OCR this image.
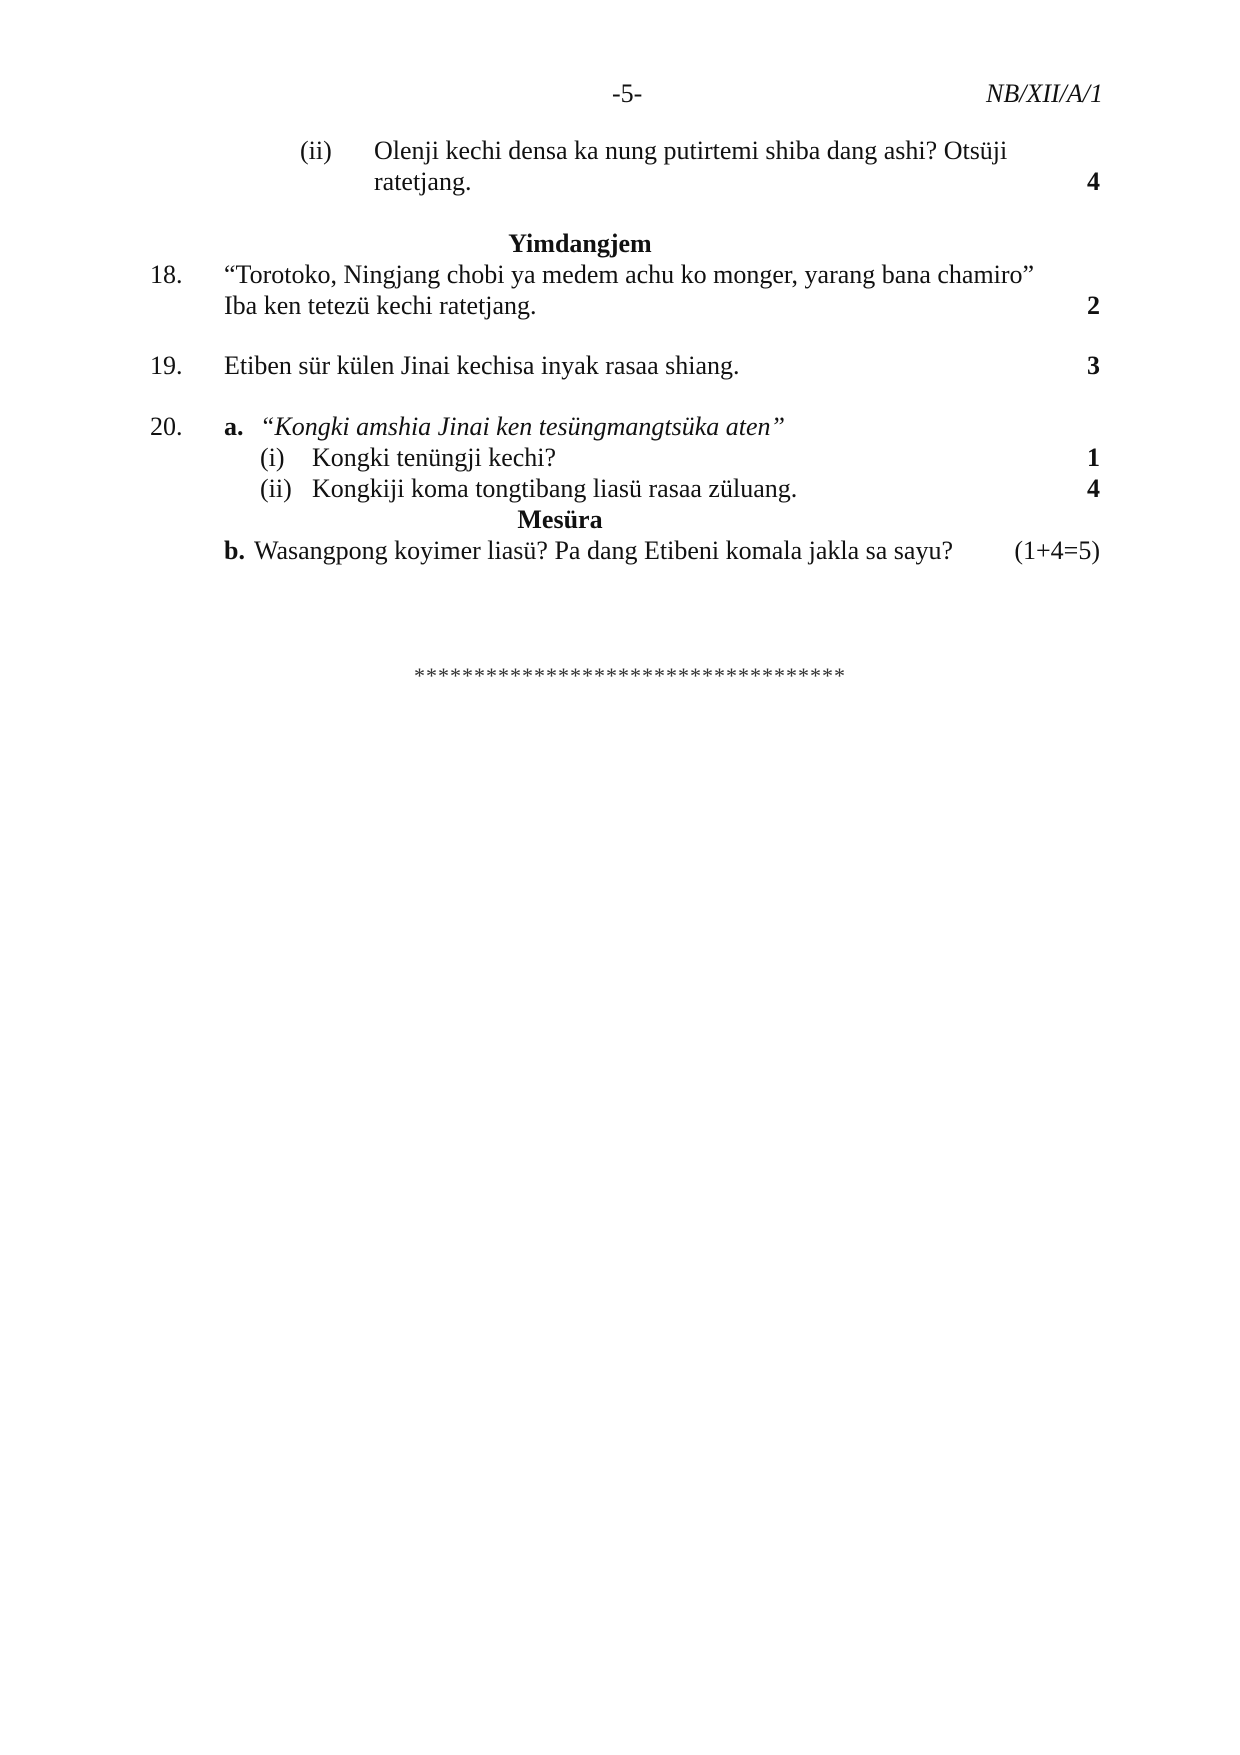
-5-	NB/XII/A/1
(ii) Olenji kechi densa ka nung putirtemi shiba dang ashi? Otsüji
ratetjang.	4
Yimdangjem
18. “Torotoko, Ningjang chobi ya medem achu ko monger, yarang bana chamiro”
Iba ken tetezü kechi ratetjang.	2
19. Etiben sür külen Jinai kechisa inyak rasaa shiang.	3
20. a. “Kongki amshia Jinai ken tesüngmangtsüka aten”
(i) Kongki tenüngji kechi?	1
(ii) Kongkiji koma tongtibang liasü rasaa züluang.	4
Mesüra
b. Wasangpong koyimer liasü? Pa dang Etibeni komala jakla sa sayu?	(1+4=5)
************************************
